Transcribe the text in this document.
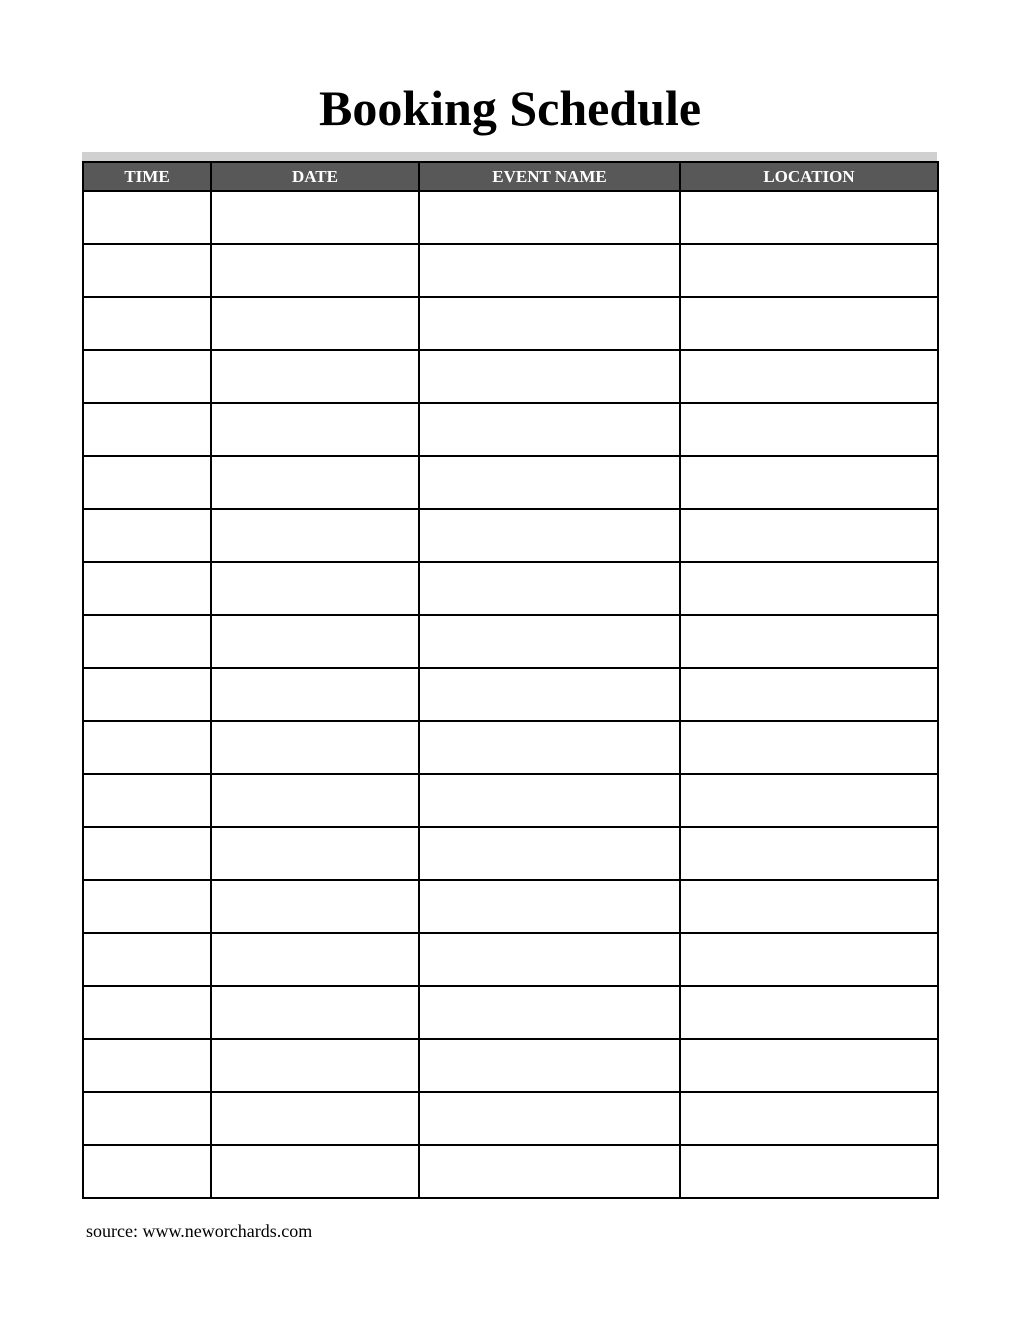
Booking Schedule
TIME	DATE	EVENT NAME	LOCATION

source: www.neworchards.com
